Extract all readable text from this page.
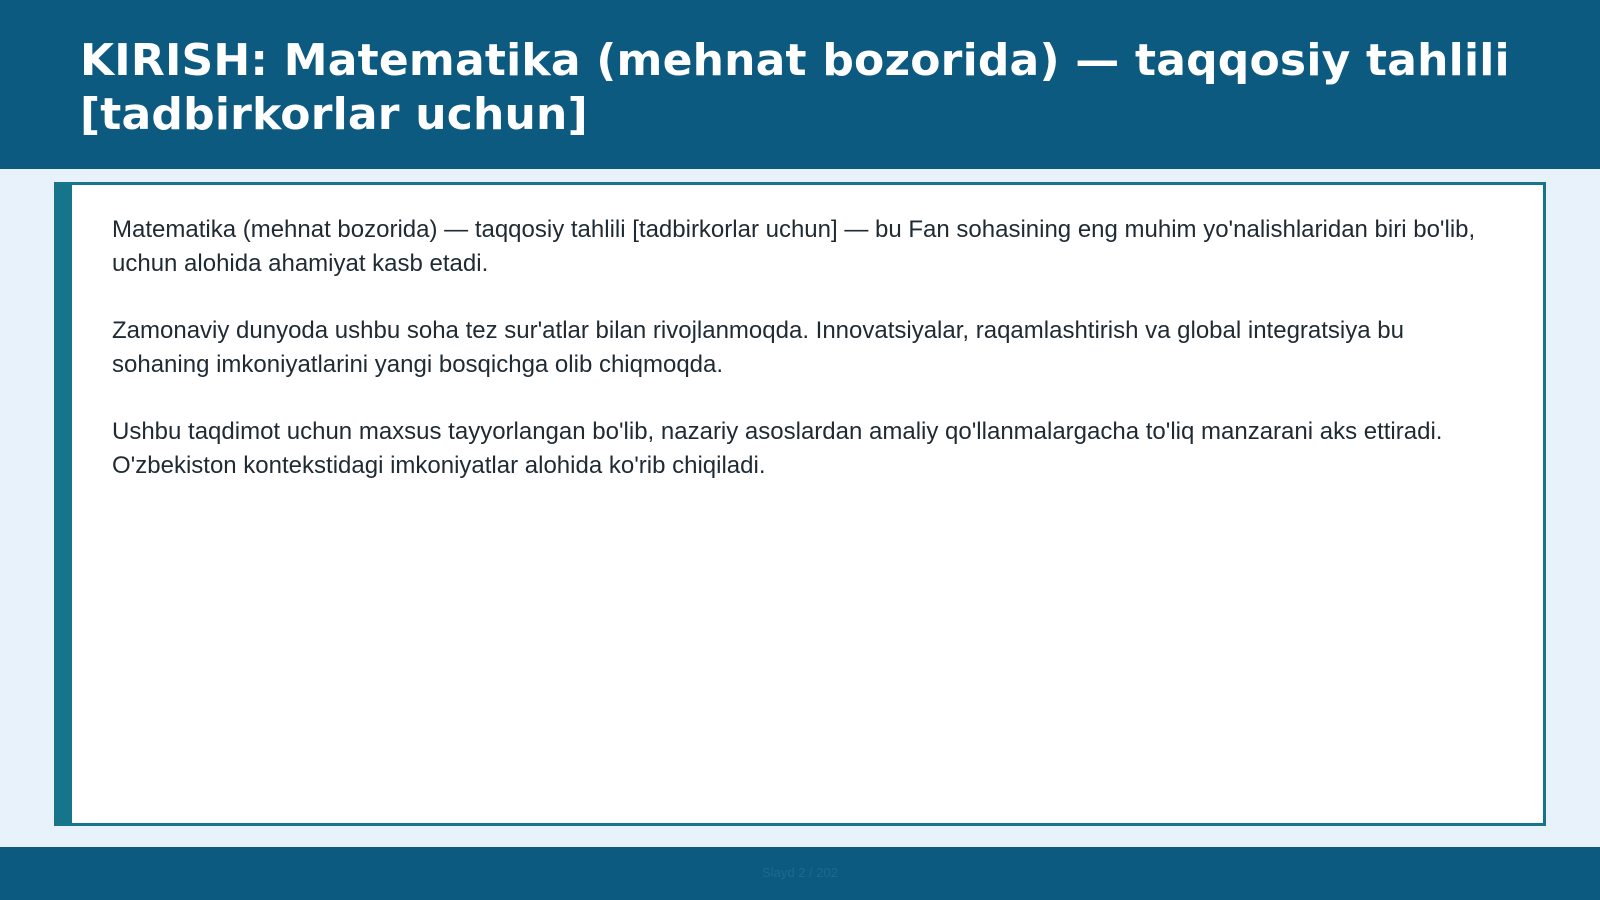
KIRISH: Matematika (mehnat bozorida) — taqqosiy tahlili [tadbirkorlar uchun]

Matematika (mehnat bozorida) — taqqosiy tahlili [tadbirkorlar uchun] — bu Fan sohasining eng muhim yo'nalishlaridan biri bo'lib, uchun alohida ahamiyat kasb etadi.

Zamonaviy dunyoda ushbu soha tez sur'atlar bilan rivojlanmoqda. Innovatsiyalar, raqamlashtirish va global integratsiya bu sohaning imkoniyatlarini yangi bosqichga olib chiqmoqda.

Ushbu taqdimot uchun maxsus tayyorlangan bo'lib, nazariy asoslardan amaliy qo'llanmalargacha to'liq manzarani aks ettiradi. O'zbekiston kontekstidagi imkoniyatlar alohida ko'rib chiqiladi.

Slayd 2 / 202
